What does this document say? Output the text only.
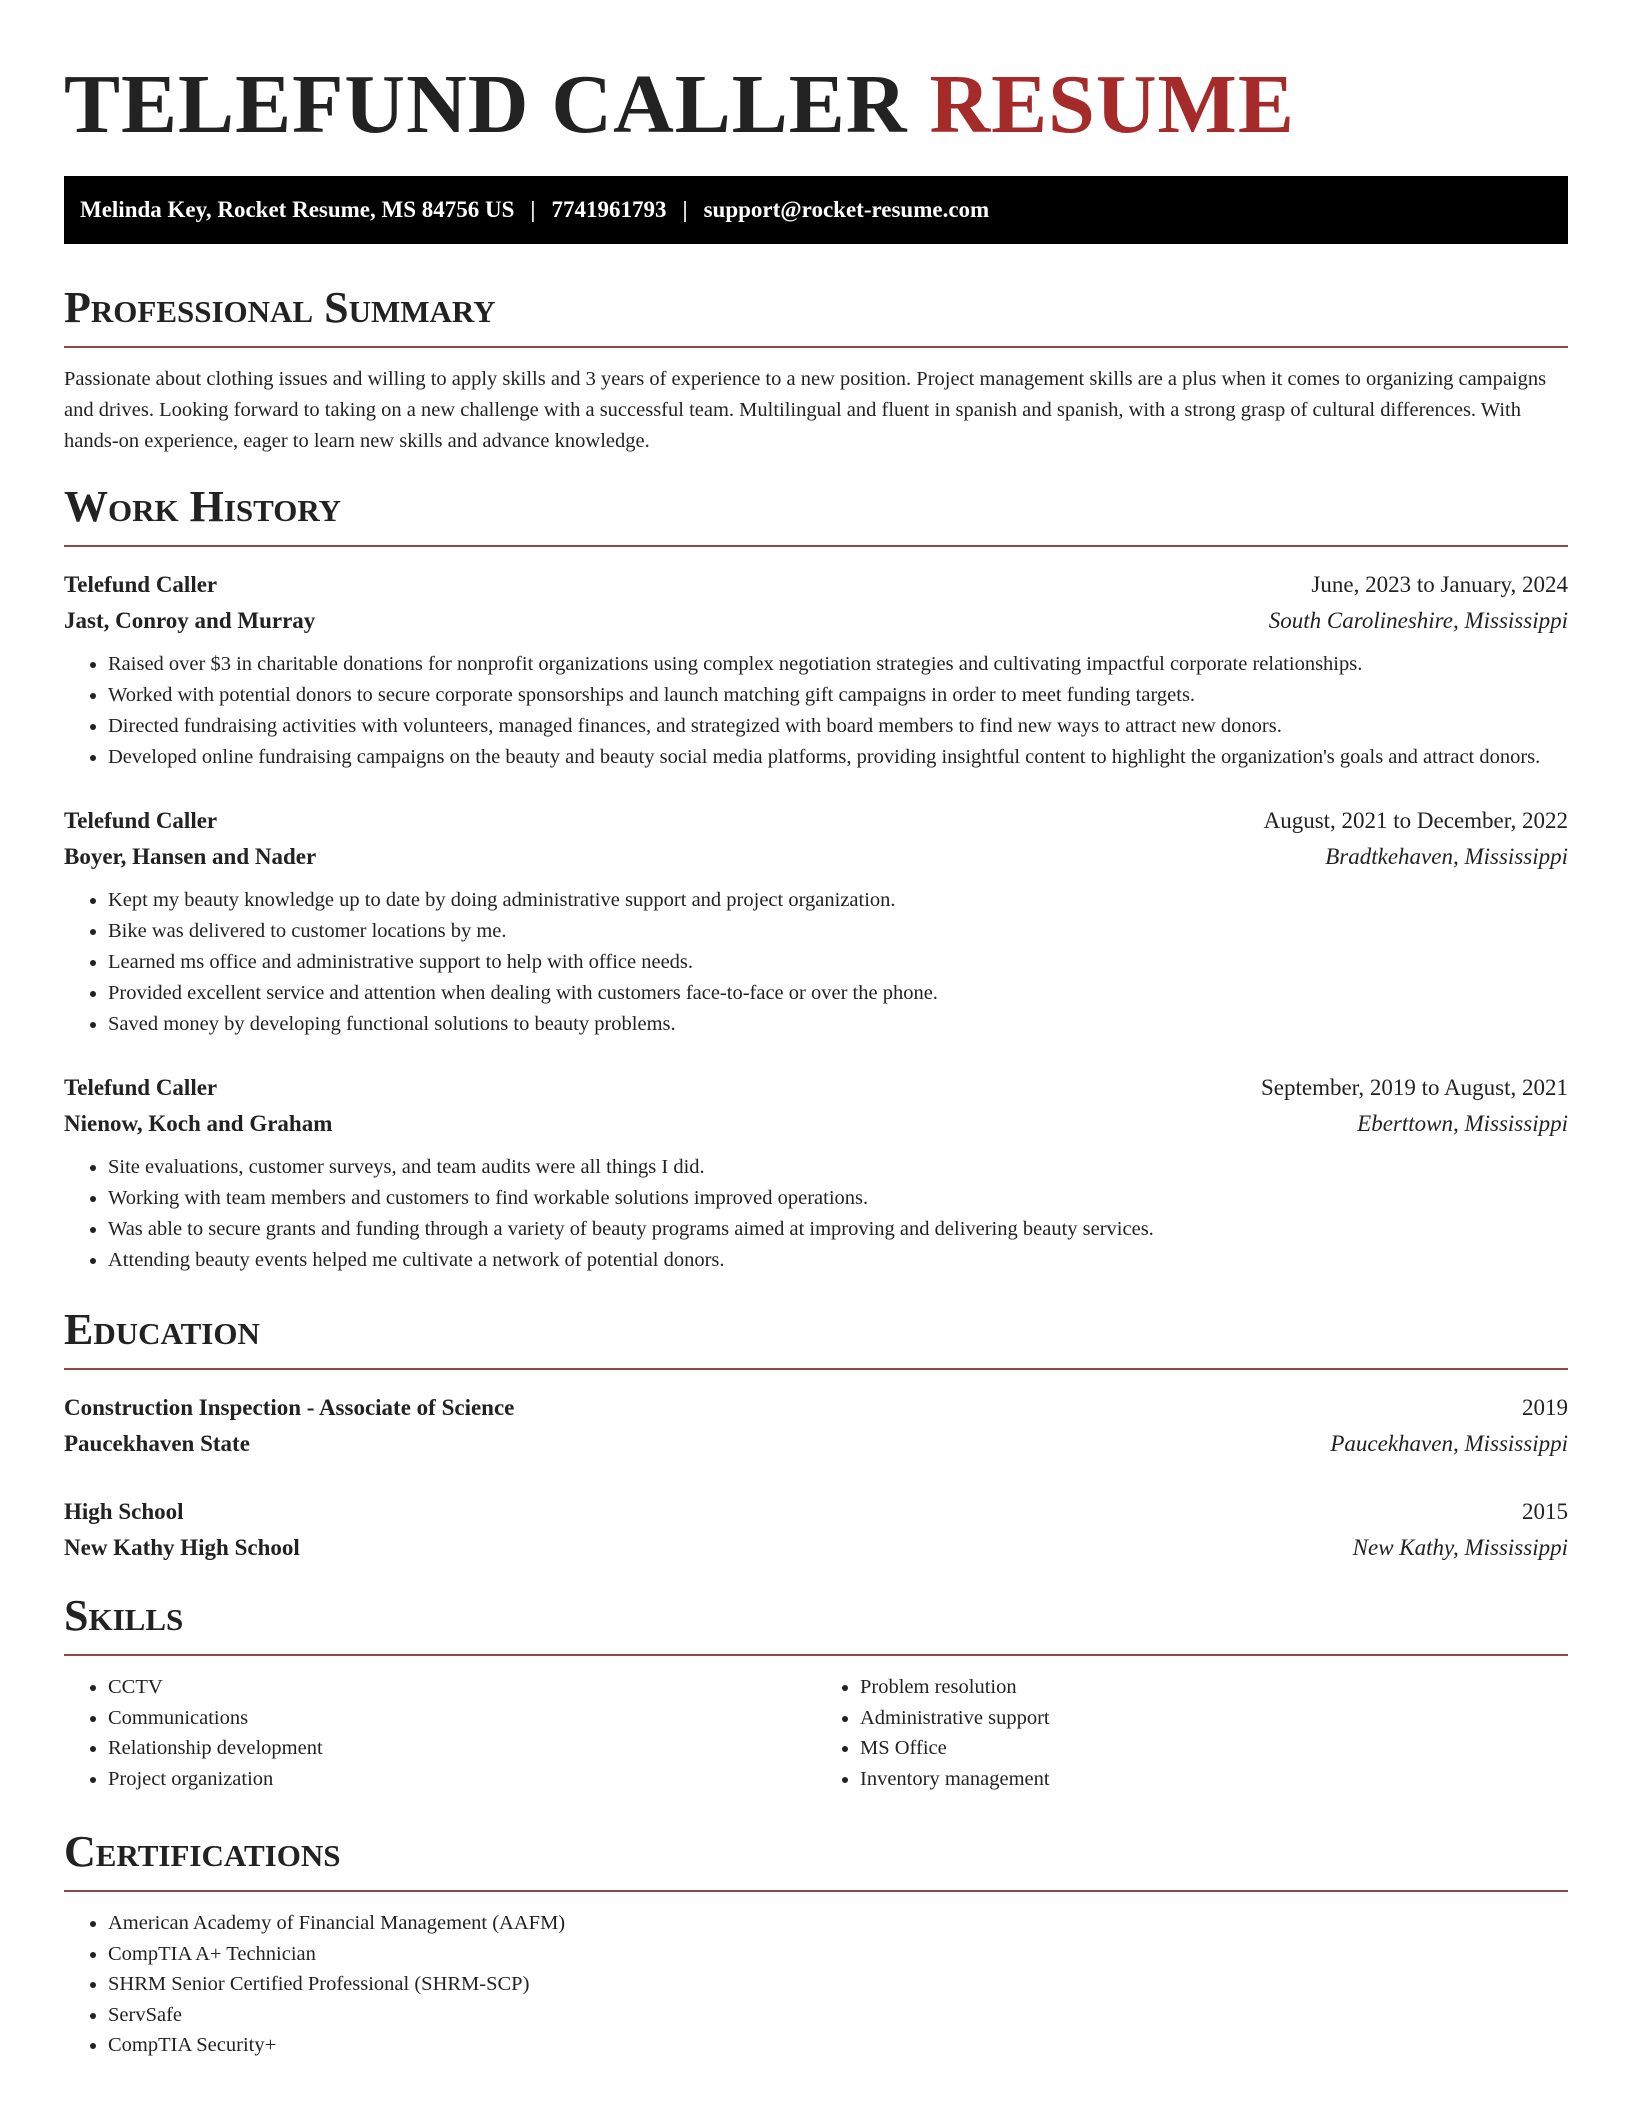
TELEFUND CALLER RESUME
Melinda Key, Rocket Resume, MS 84756 US | 7741961793 | support@rocket-resume.com
Professional Summary

Passionate about clothing issues and willing to apply skills and 3 years of experience to a new position. Project management skills are a plus when it comes to organizing campaigns and drives. Looking forward to taking on a new challenge with a successful team. Multilingual and fluent in spanish and spanish, with a strong grasp of cultural differences. With hands-on experience, eager to learn new skills and advance knowledge.

Work History
Telefund Caller	June, 2023 to January, 2024
Jast, Conroy and Murray	South Carolineshire, Mississippi
• Raised over $3 in charitable donations for nonprofit organizations using complex negotiation strategies and cultivating impactful corporate relationships.
• Worked with potential donors to secure corporate sponsorships and launch matching gift campaigns in order to meet funding targets.
• Directed fundraising activities with volunteers, managed finances, and strategized with board members to find new ways to attract new donors.
• Developed online fundraising campaigns on the beauty and beauty social media platforms, providing insightful content to highlight the organization's goals and attract donors.
Telefund Caller	August, 2021 to December, 2022
Boyer, Hansen and Nader	Bradtkehaven, Mississippi
• Kept my beauty knowledge up to date by doing administrative support and project organization.
• Bike was delivered to customer locations by me.
• Learned ms office and administrative support to help with office needs.
• Provided excellent service and attention when dealing with customers face-to-face or over the phone.
• Saved money by developing functional solutions to beauty problems.
Telefund Caller	September, 2019 to August, 2021
Nienow, Koch and Graham	Eberttown, Mississippi
• Site evaluations, customer surveys, and team audits were all things I did.
• Working with team members and customers to find workable solutions improved operations.
• Was able to secure grants and funding through a variety of beauty programs aimed at improving and delivering beauty services.
• Attending beauty events helped me cultivate a network of potential donors.
Education
Construction Inspection - Associate of Science	2019
Paucekhaven State	Paucekhaven, Mississippi
High School	2015
New Kathy High School	New Kathy, Mississippi
Skills
• CCTV
• Communications
• Relationship development
• Project organization
• Problem resolution
• Administrative support
• MS Office
• Inventory management
Certifications
• American Academy of Financial Management (AAFM)
• CompTIA A+ Technician
• SHRM Senior Certified Professional (SHRM-SCP)
• ServSafe
• CompTIA Security+
